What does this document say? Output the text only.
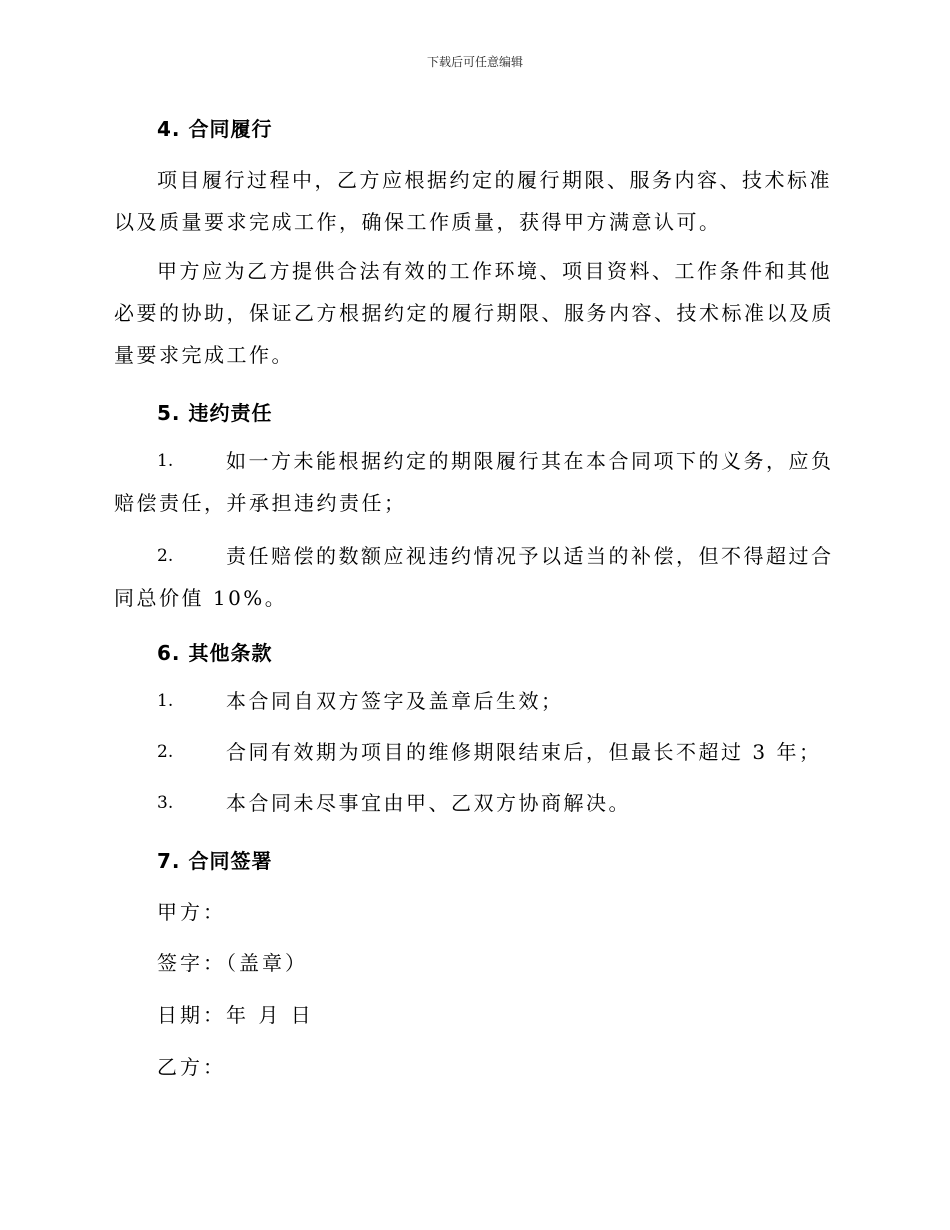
下载后可任意编辑
4. 合同履行

项目履行过程中，乙方应根据约定的履行期限、服务内容、技术标准以及质量要求完成工作，确保工作质量，获得甲方满意认可。

甲方应为乙方提供合法有效的工作环境、项目资料、工作条件和其他必要的协助，保证乙方根据约定的履行期限、服务内容、技术标准以及质量要求完成工作。

5. 违约责任
1.	如一方未能根据约定的期限履行其在本合同项下的义务，应负赔偿责任，并承担违约责任；
2.	责任赔偿的数额应视违约情况予以适当的补偿，但不得超过合同总价值 10%。
6. 其他条款
1.	本合同自双方签字及盖章后生效；
2.	合同有效期为项目的维修期限结束后，但最长不超过 3 年；
3.	本合同未尽事宜由甲、乙双方协商解决。
7. 合同签署
甲方：
签字：（盖章）
日期：年 月 日
乙方：
